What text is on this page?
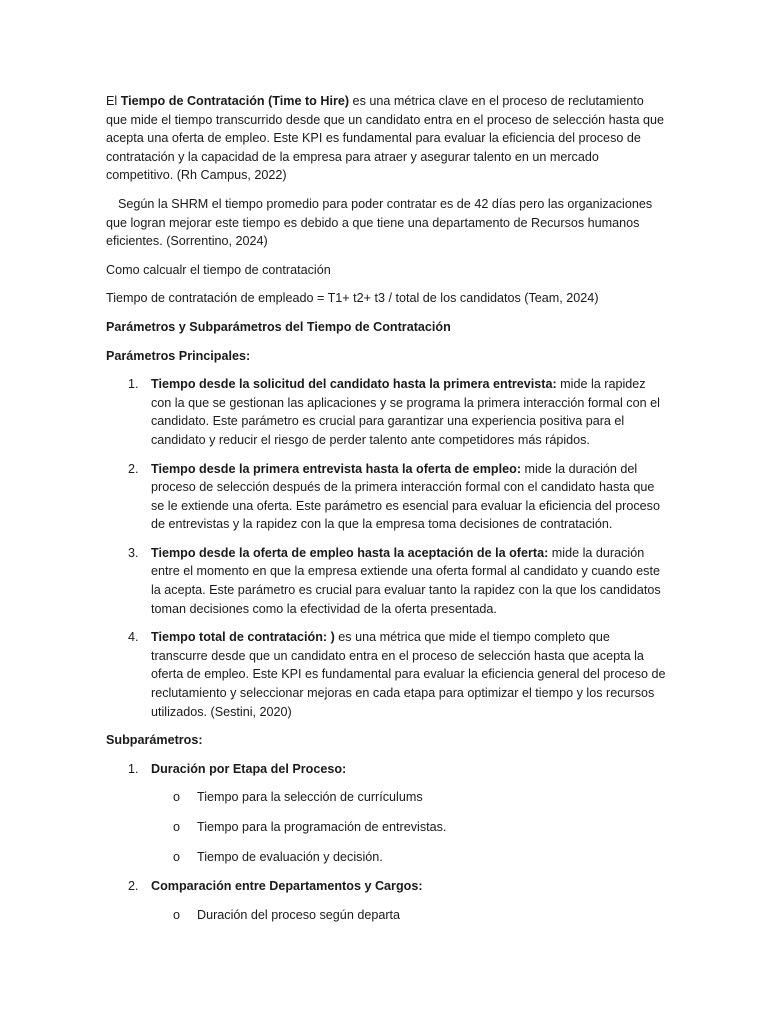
El Tiempo de Contratación (Time to Hire) es una métrica clave en el proceso de reclutamiento que mide el tiempo transcurrido desde que un candidato entra en el proceso de selección hasta que acepta una oferta de empleo. Este KPI es fundamental para evaluar la eficiencia del proceso de contratación y la capacidad de la empresa para atraer y asegurar talento en un mercado competitivo. (Rh Campus, 2022)

Según la SHRM el tiempo promedio para poder contratar es de 42 días pero las organizaciones que logran mejorar este tiempo es debido a que tiene una departamento de Recursos humanos eficientes. (Sorrentino, 2024)

Como calcualr el tiempo de contratación

Tiempo de contratación de empleado = T1+ t2+ t3 / total de los candidatos (Team, 2024)

Parámetros y Subparámetros del Tiempo de Contratación

Parámetros Principales:

1. Tiempo desde la solicitud del candidato hasta la primera entrevista: mide la rapidez con la que se gestionan las aplicaciones y se programa la primera interacción formal con el candidato. Este parámetro es crucial para garantizar una experiencia positiva para el candidato y reducir el riesgo de perder talento ante competidores más rápidos.
2. Tiempo desde la primera entrevista hasta la oferta de empleo: mide la duración del proceso de selección después de la primera interacción formal con el candidato hasta que se le extiende una oferta. Este parámetro es esencial para evaluar la eficiencia del proceso de entrevistas y la rapidez con la que la empresa toma decisiones de contratación.
3. Tiempo desde la oferta de empleo hasta la aceptación de la oferta: mide la duración entre el momento en que la empresa extiende una oferta formal al candidato y cuando este la acepta. Este parámetro es crucial para evaluar tanto la rapidez con la que los candidatos toman decisiones como la efectividad de la oferta presentada.
4. Tiempo total de contratación: ) es una métrica que mide el tiempo completo que transcurre desde que un candidato entra en el proceso de selección hasta que acepta la oferta de empleo. Este KPI es fundamental para evaluar la eficiencia general del proceso de reclutamiento y seleccionar mejoras en cada etapa para optimizar el tiempo y los recursos utilizados. (Sestini, 2020)

Subparámetros:

1. Duración por Etapa del Proceso:
o Tiempo para la selección de currículums
o Tiempo para la programación de entrevistas.
o Tiempo de evaluación y decisión.
2. Comparación entre Departamentos y Cargos:
o Duración del proceso según departa
